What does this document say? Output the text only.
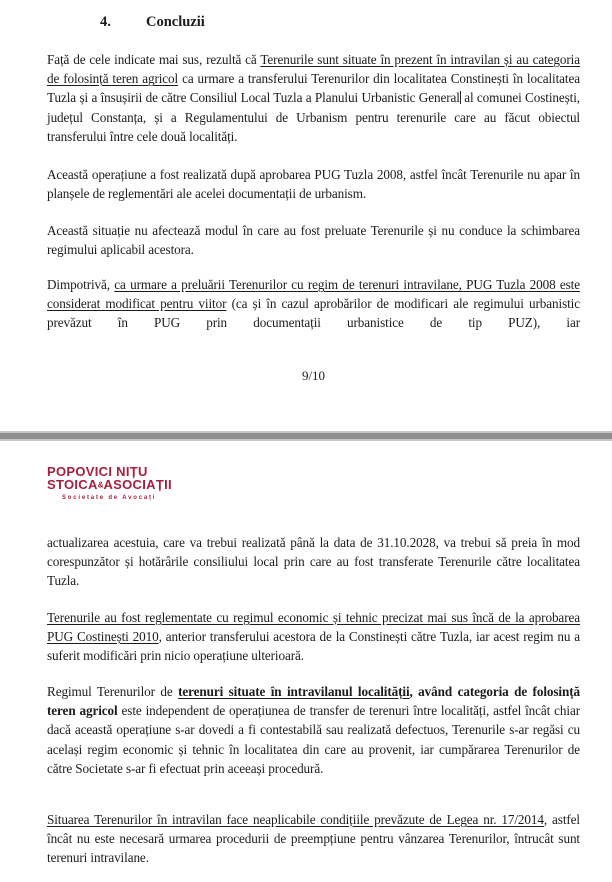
4. Concluzii

Față de cele indicate mai sus, rezultă că Terenurile sunt situate în prezent în intravilan și au categoria de folosință teren agricol ca urmare a transferului Terenurilor din localitatea Constinești în localitatea Tuzla și a însușirii de către Consiliul Local Tuzla a Planului Urbanistic General al comunei Costinești, județul Constanța, și a Regulamentului de Urbanism pentru terenurile care au făcut obiectul transferului între cele două localități.

Această operațiune a fost realizată după aprobarea PUG Tuzla 2008, astfel încât Terenurile nu apar în planșele de reglementări ale acelei documentații de urbanism.

Această situație nu afectează modul în care au fost preluate Terenurile și nu conduce la schimbarea regimului aplicabil acestora.

Dimpotrivă, ca urmare a preluării Terenurilor cu regim de terenuri intravilane, PUG Tuzla 2008 este considerat modificat pentru viitor (ca și în cazul aprobărilor de modificari ale regimului urbanistic prevăzut în PUG prin documentații urbanistice de tip PUZ), iar

9/10
POPOVICI NIȚU
STOICA&ASOCIAȚII
Societate de Avocați

actualizarea acestuia, care va trebui realizată până la data de 31.10.2028, va trebui să preia în mod corespunzător și hotărârile consiliului local prin care au fost transferate Terenurile către localitatea Tuzla.

Terenurile au fost reglementate cu regimul economic și tehnic precizat mai sus încă de la aprobarea PUG Costinești 2010, anterior transferului acestora de la Constinești către Tuzla, iar acest regim nu a suferit modificări prin nicio operațiune ulterioară.

Regimul Terenurilor de terenuri situate în intravilanul localității, având categoria de folosință teren agricol este independent de operațiunea de transfer de terenuri între localități, astfel încât chiar dacă această operațiune s-ar dovedi a fi contestabilă sau realizată defectuos, Terenurile s-ar regăsi cu același regim economic și tehnic în localitatea din care au provenit, iar cumpărarea Terenurilor de către Societate s-ar fi efectuat prin aceeași procedură.

Situarea Terenurilor în intravilan face neaplicabile condițiile prevăzute de Legea nr. 17/2014, astfel încât nu este necesară urmarea procedurii de preempțiune pentru vânzarea Terenurilor, întrucât sunt terenuri intravilane.
